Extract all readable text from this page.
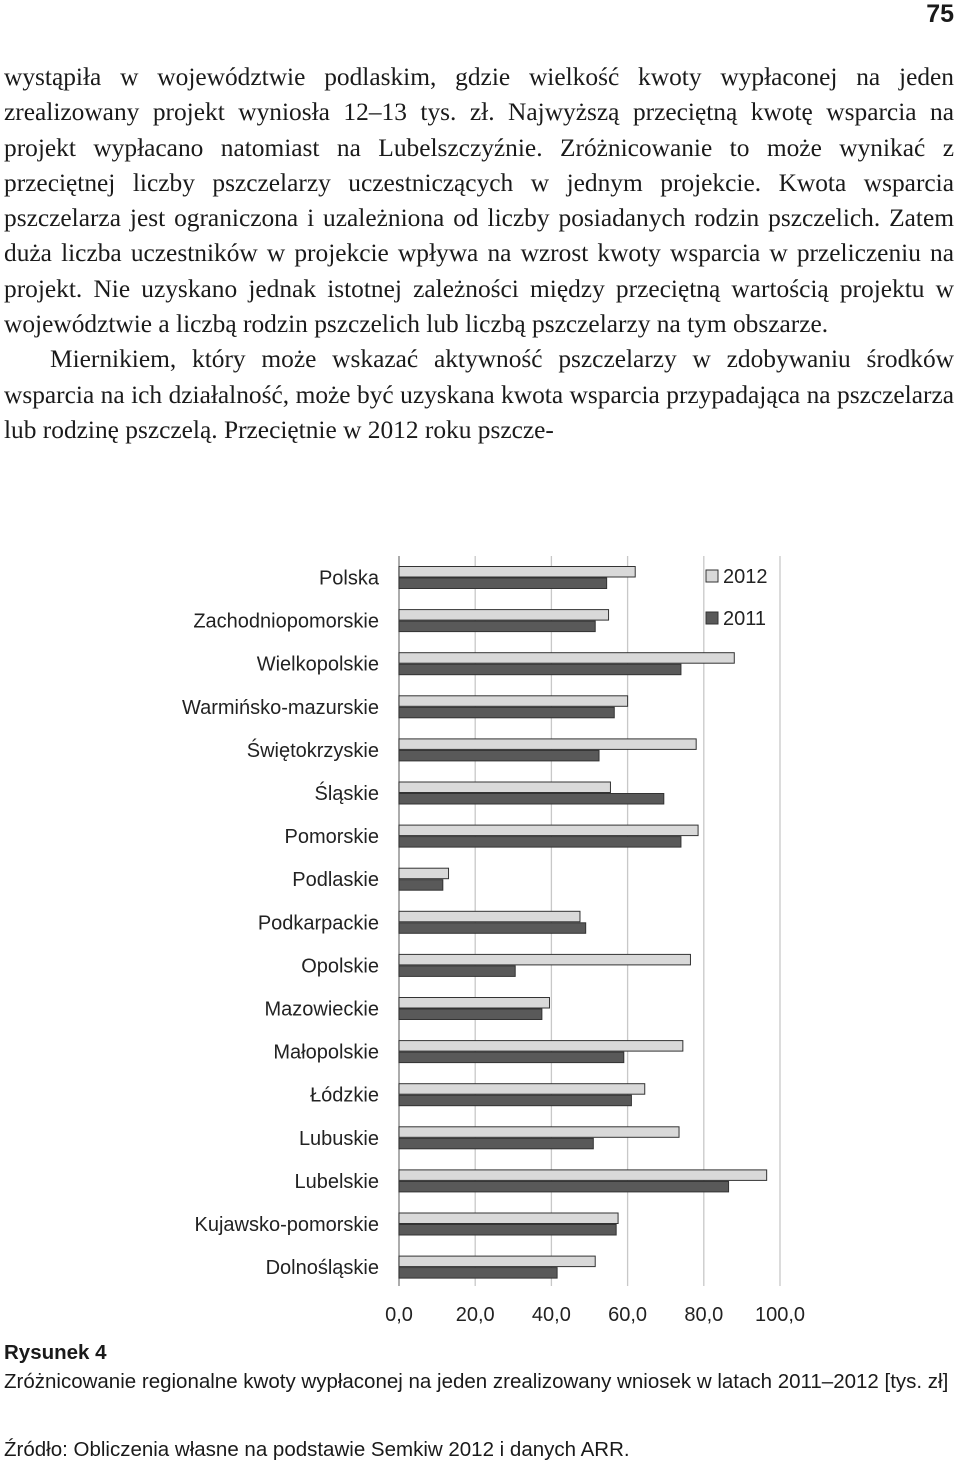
75
wystąpiła w województwie podlaskim, gdzie wielkość kwoty wypłaconej na jeden zrealizowany projekt wyniosła 12–13 tys. zł. Najwyższą przeciętną kwotę wsparcia na projekt wypłacano natomiast na Lubelszczyźnie. Zróżnicowanie to może wynikać z przeciętnej liczby pszczelarzy uczestniczących w jednym projekcie. Kwota wsparcia pszczelarza jest ograniczona i uzależniona od liczby posiadanych rodzin pszczelich. Zatem duża liczba uczestników w projekcie wpływa na wzrost kwoty wsparcia w przeliczeniu na projekt. Nie uzyskano jednak istotnej zależności między przeciętną wartością projektu w województwie a liczbą rodzin pszczelich lub liczbą pszczelarzy na tym obszarze.
Miernikiem, który może wskazać aktywność pszczelarzy w zdobywaniu środków wsparcia na ich działalność, może być uzyskana kwota wsparcia przypadająca na pszczelarza lub rodzinę pszczelą. Przeciętnie w 2012 roku pszcze-
Polska
Zachodniopomorskie
Wielkopolskie
Warmińsko-mazurskie
Świętokrzyskie
Śląskie
Pomorskie
Podlaskie
Podkarpackie
Opolskie
Mazowieckie
Małopolskie
Łódzkie
Lubuskie
Lubelskie
Kujawsko-pomorskie
Dolnośląskie
0,0 20,0 40,0 60,0 80,0 100,0
2012
2011
Rysunek 4
Zróżnicowanie regionalne kwoty wypłaconej na jeden zrealizowany wniosek w latach 2011–2012 [tys. zł]
Źródło: Obliczenia własne na podstawie Semkiw 2012 i danych ARR.
